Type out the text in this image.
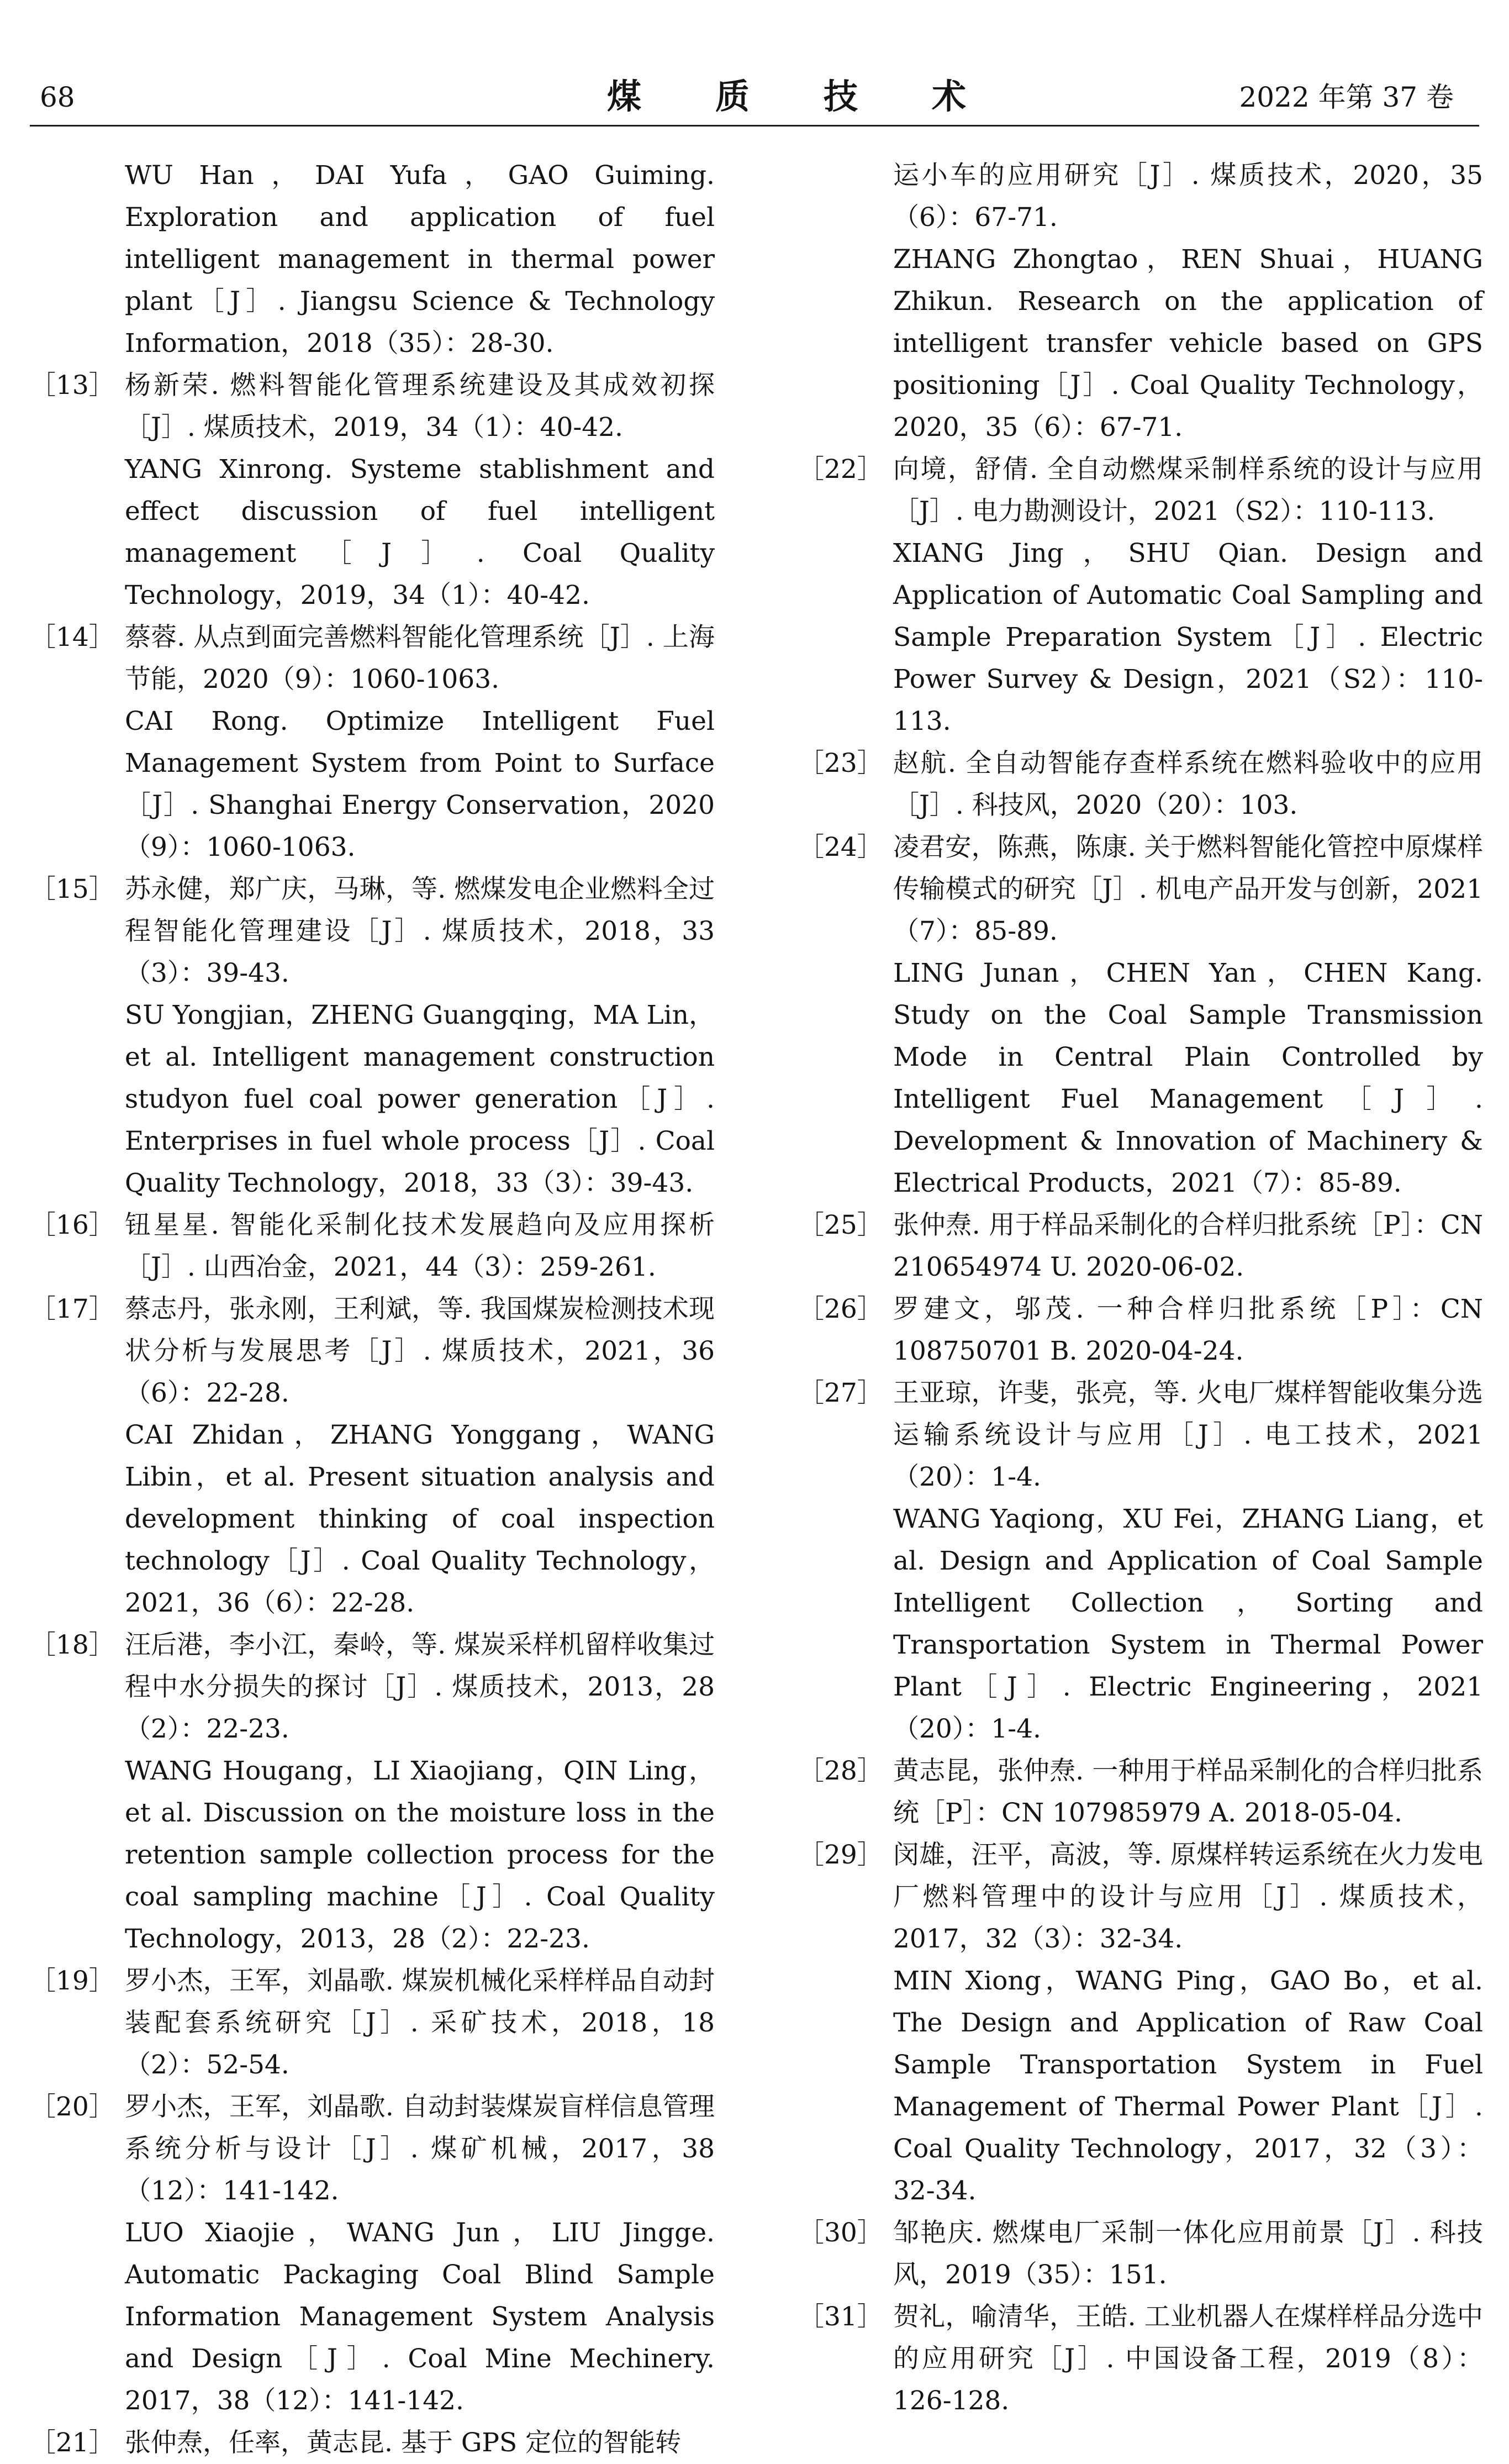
68	煤 质 技 术	2022 年第 37 卷

WU Han，DAI Yufa，GAO Guiming. Exploration and application of fuel intelligent management in thermal power plant［J］. Jiangsu Science & Technology Information，2018（35）：28-30.

［13］ 杨新荣. 燃料智能化管理系统建设及其成效初探［J］. 煤质技术，2019，34（1）：40-42.

YANG Xinrong. Systeme stablishment and effect discussion of fuel intelligent management［J］. Coal Quality Technology，2019，34（1）：40-42.

［14］ 蔡蓉. 从点到面完善燃料智能化管理系统［J］. 上海节能，2020（9）：1060-1063.

CAI Rong. Optimize Intelligent Fuel Management System from Point to Surface［J］. Shanghai Energy Conservation，2020（9）：1060-1063.

［15］ 苏永健，郑广庆，马琳，等. 燃煤发电企业燃料全过程智能化管理建设［J］. 煤质技术，2018，33（3）：39-43.

SU Yongjian，ZHENG Guangqing，MA Lin，et al. Intelligent management construction studyon fuel coal power generation［J］. Enterprises in fuel whole process［J］. Coal Quality Technology，2018，33（3）：39-43.

［16］ 钮星星. 智能化采制化技术发展趋向及应用探析［J］. 山西冶金，2021，44（3）：259-261.

［17］ 蔡志丹，张永刚，王利斌，等. 我国煤炭检测技术现状分析与发展思考［J］. 煤质技术，2021，36（6）：22-28.

CAI Zhidan，ZHANG Yonggang，WANG Libin，et al. Present situation analysis and development thinking of coal inspection technology［J］. Coal Quality Technology，2021，36（6）：22-28.

［18］ 汪后港，李小江，秦岭，等. 煤炭采样机留样收集过程中水分损失的探讨［J］. 煤质技术，2013，28（2）：22-23.

WANG Hougang，LI Xiaojiang，QIN Ling，et al. Discussion on the moisture loss in the retention sample collection process for the coal sampling machine［J］. Coal Quality Technology，2013，28（2）：22-23.

［19］ 罗小杰，王军，刘晶歌. 煤炭机械化采样样品自动封装配套系统研究［J］. 采矿技术，2018，18（2）：52-54.

［20］ 罗小杰，王军，刘晶歌. 自动封装煤炭盲样信息管理系统分析与设计［J］. 煤矿机械，2017，38（12）：141-142.

LUO Xiaojie，WANG Jun，LIU Jingge. Automatic Packaging Coal Blind Sample Information Management System Analysis and Design［J］. Coal Mine Mechinery. 2017，38（12）：141-142.

［21］ 张仲焘，任率，黄志昆. 基于 GPS 定位的智能转

运小车的应用研究［J］. 煤质技术，2020，35（6）：67-71.

ZHANG Zhongtao，REN Shuai，HUANG Zhikun. Research on the application of intelligent transfer vehicle based on GPS positioning［J］. Coal Quality Technology，2020，35（6）：67-71.

［22］ 向境，舒倩. 全自动燃煤采制样系统的设计与应用［J］. 电力勘测设计，2021（S2）：110-113.

XIANG Jing，SHU Qian. Design and Application of Automatic Coal Sampling and Sample Preparation System［J］. Electric Power Survey & Design，2021（S2）：110-113.

［23］ 赵航. 全自动智能存查样系统在燃料验收中的应用［J］. 科技风，2020（20）：103.

［24］ 凌君安，陈燕，陈康. 关于燃料智能化管控中原煤样传输模式的研究［J］. 机电产品开发与创新，2021（7）：85-89.

LING Junan，CHEN Yan，CHEN Kang. Study on the Coal Sample Transmission Mode in Central Plain Controlled by Intelligent Fuel Management［J］. Development & Innovation of Machinery & Electrical Products，2021（7）：85-89.

［25］ 张仲焘. 用于样品采制化的合样归批系统［P］：CN 210654974 U. 2020-06-02.

［26］ 罗建文，邬茂. 一种合样归批系统［P］：CN 108750701 B. 2020-04-24.

［27］ 王亚琼，许斐，张亮，等. 火电厂煤样智能收集分选运输系统设计与应用［J］. 电工技术，2021（20）：1-4.

WANG Yaqiong，XU Fei，ZHANG Liang，et al. Design and Application of Coal Sample Intelligent Collection，Sorting and Transportation System in Thermal Power Plant［J］. Electric Engineering，2021（20）：1-4.

［28］ 黄志昆，张仲焘. 一种用于样品采制化的合样归批系统［P］：CN 107985979 A. 2018-05-04.

［29］ 闵雄，汪平，高波，等. 原煤样转运系统在火力发电厂燃料管理中的设计与应用［J］. 煤质技术，2017，32（3）：32-34.

MIN Xiong，WANG Ping，GAO Bo，et al. The Design and Application of Raw Coal Sample Transportation System in Fuel Management of Thermal Power Plant［J］. Coal Quality Technology，2017，32（3）：32-34.

［30］ 邹艳庆. 燃煤电厂采制一体化应用前景［J］. 科技风，2019（35）：151.

［31］ 贺礼，喻清华，王皓. 工业机器人在煤样样品分选中的应用研究［J］. 中国设备工程，2019（8）：126-128.
